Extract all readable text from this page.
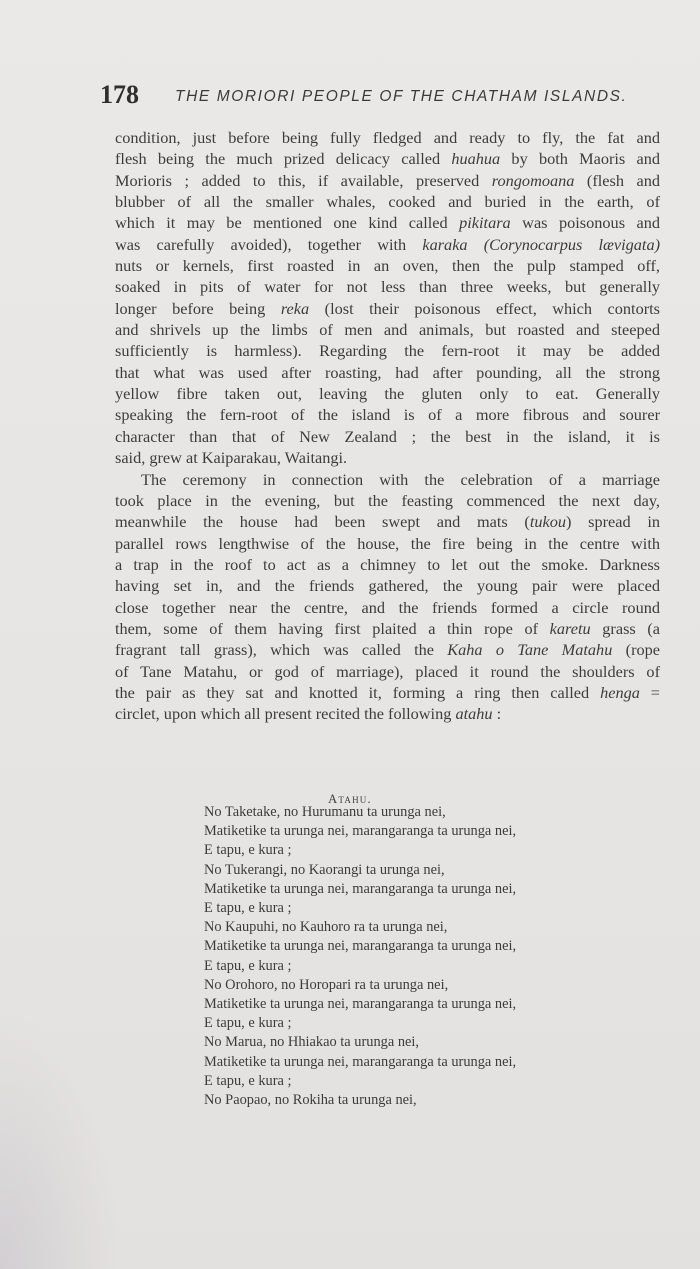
178 THE MORIORI PEOPLE OF THE CHATHAM ISLANDS.
condition, just before being fully fledged and ready to fly, the fat and
flesh being the much prized delicacy called huahua by both Maoris and
Morioris ; added to this, if available, preserved rongomoana (flesh and
blubber of all the smaller whales, cooked and buried in the earth, of
which it may be mentioned one kind called pikitara was poisonous and
was carefully avoided), together with karaka (Corynocarpus lævigata)
nuts or kernels, first roasted in an oven, then the pulp stamped off,
soaked in pits of water for not less than three weeks, but generally
longer before being reka (lost their poisonous effect, which contorts
and shrivels up the limbs of men and animals, but roasted and steeped
sufficiently is harmless). Regarding the fern-root it may be added
that what was used after roasting, had after pounding, all the strong
yellow fibre taken out, leaving the gluten only to eat. Generally
speaking the fern-root of the island is of a more fibrous and sourer
character than that of New Zealand ; the best in the island, it is
said, grew at Kaiparakau, Waitangi.
The ceremony in connection with the celebration of a marriage
took place in the evening, but the feasting commenced the next day,
meanwhile the house had been swept and mats (tukou) spread in
parallel rows lengthwise of the house, the fire being in the centre with
a trap in the roof to act as a chimney to let out the smoke. Darkness
having set in, and the friends gathered, the young pair were placed
close together near the centre, and the friends formed a circle round
them, some of them having first plaited a thin rope of karetu grass (a
fragrant tall grass), which was called the Kaha o Tane Matahu (rope
of Tane Matahu, or god of marriage), placed it round the shoulders of
the pair as they sat and knotted it, forming a ring then called henga =
circlet, upon which all present recited the following atahu :
Atahu.
No Taketake, no Hurumanu ta urunga nei,
Matiketike ta urunga nei, marangaranga ta urunga nei,
E tapu, e kura ;
No Tukerangi, no Kaorangi ta urunga nei,
Matiketike ta urunga nei, marangaranga ta urunga nei,
E tapu, e kura ;
No Kaupuhi, no Kauhoro ra ta urunga nei,
Matiketike ta urunga nei, marangaranga ta urunga nei,
E tapu, e kura ;
No Orohoro, no Horopari ra ta urunga nei,
Matiketike ta urunga nei, marangaranga ta urunga nei,
E tapu, e kura ;
No Marua, no Hhiakao ta urunga nei,
Matiketike ta urunga nei, marangaranga ta urunga nei,
E tapu, e kura ;
No Paopao, no Rokiha ta urunga nei,
